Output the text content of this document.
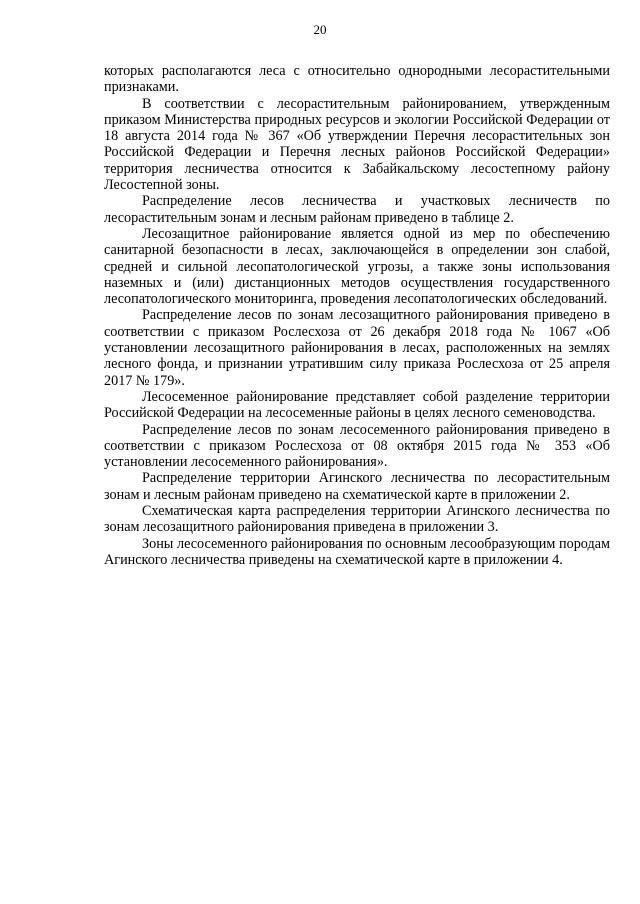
20

которых располагаются леса с относительно однородными лесорастительными признаками.

В соответствии с лесорастительным районированием, утвержденным приказом Министерства природных ресурсов и экологии Российской Федерации от 18 августа 2014 года № 367 «Об утверждении Перечня лесорастительных зон Российской Федерации и Перечня лесных районов Российской Федерации» территория лесничества относится к Забайкальскому лесостепному району Лесостепной зоны.

Распределение лесов лесничества и участковых лесничеств по лесорастительным зонам и лесным районам приведено в таблице 2.

Лесозащитное районирование является одной из мер по обеспечению санитарной безопасности в лесах, заключающейся в определении зон слабой, средней и сильной лесопатологической угрозы, а также зоны использования наземных и (или) дистанционных методов осуществления государственного лесопатологического мониторинга, проведения лесопатологических обследований.

Распределение лесов по зонам лесозащитного районирования приведено в соответствии с приказом Рослесхоза от 26 декабря 2018 года № 1067 «Об установлении лесозащитного районирования в лесах, расположенных на землях лесного фонда, и признании утратившим силу приказа Рослесхоза от 25 апреля 2017 № 179».

Лесосеменное районирование представляет собой разделение территории Российской Федерации на лесосеменные районы в целях лесного семеноводства.

Распределение лесов по зонам лесосеменного районирования приведено в соответствии с приказом Рослесхоза от 08 октября 2015 года № 353 «Об установлении лесосеменного районирования».

Распределение территории Агинского лесничества по лесорастительным зонам и лесным районам приведено на схематической карте в приложении 2.

Схематическая карта распределения территории Агинского лесничества по зонам лесозащитного районирования приведена в приложении 3.

Зоны лесосеменного районирования по основным лесообразующим породам Агинского лесничества приведены на схематической карте в приложении 4.
